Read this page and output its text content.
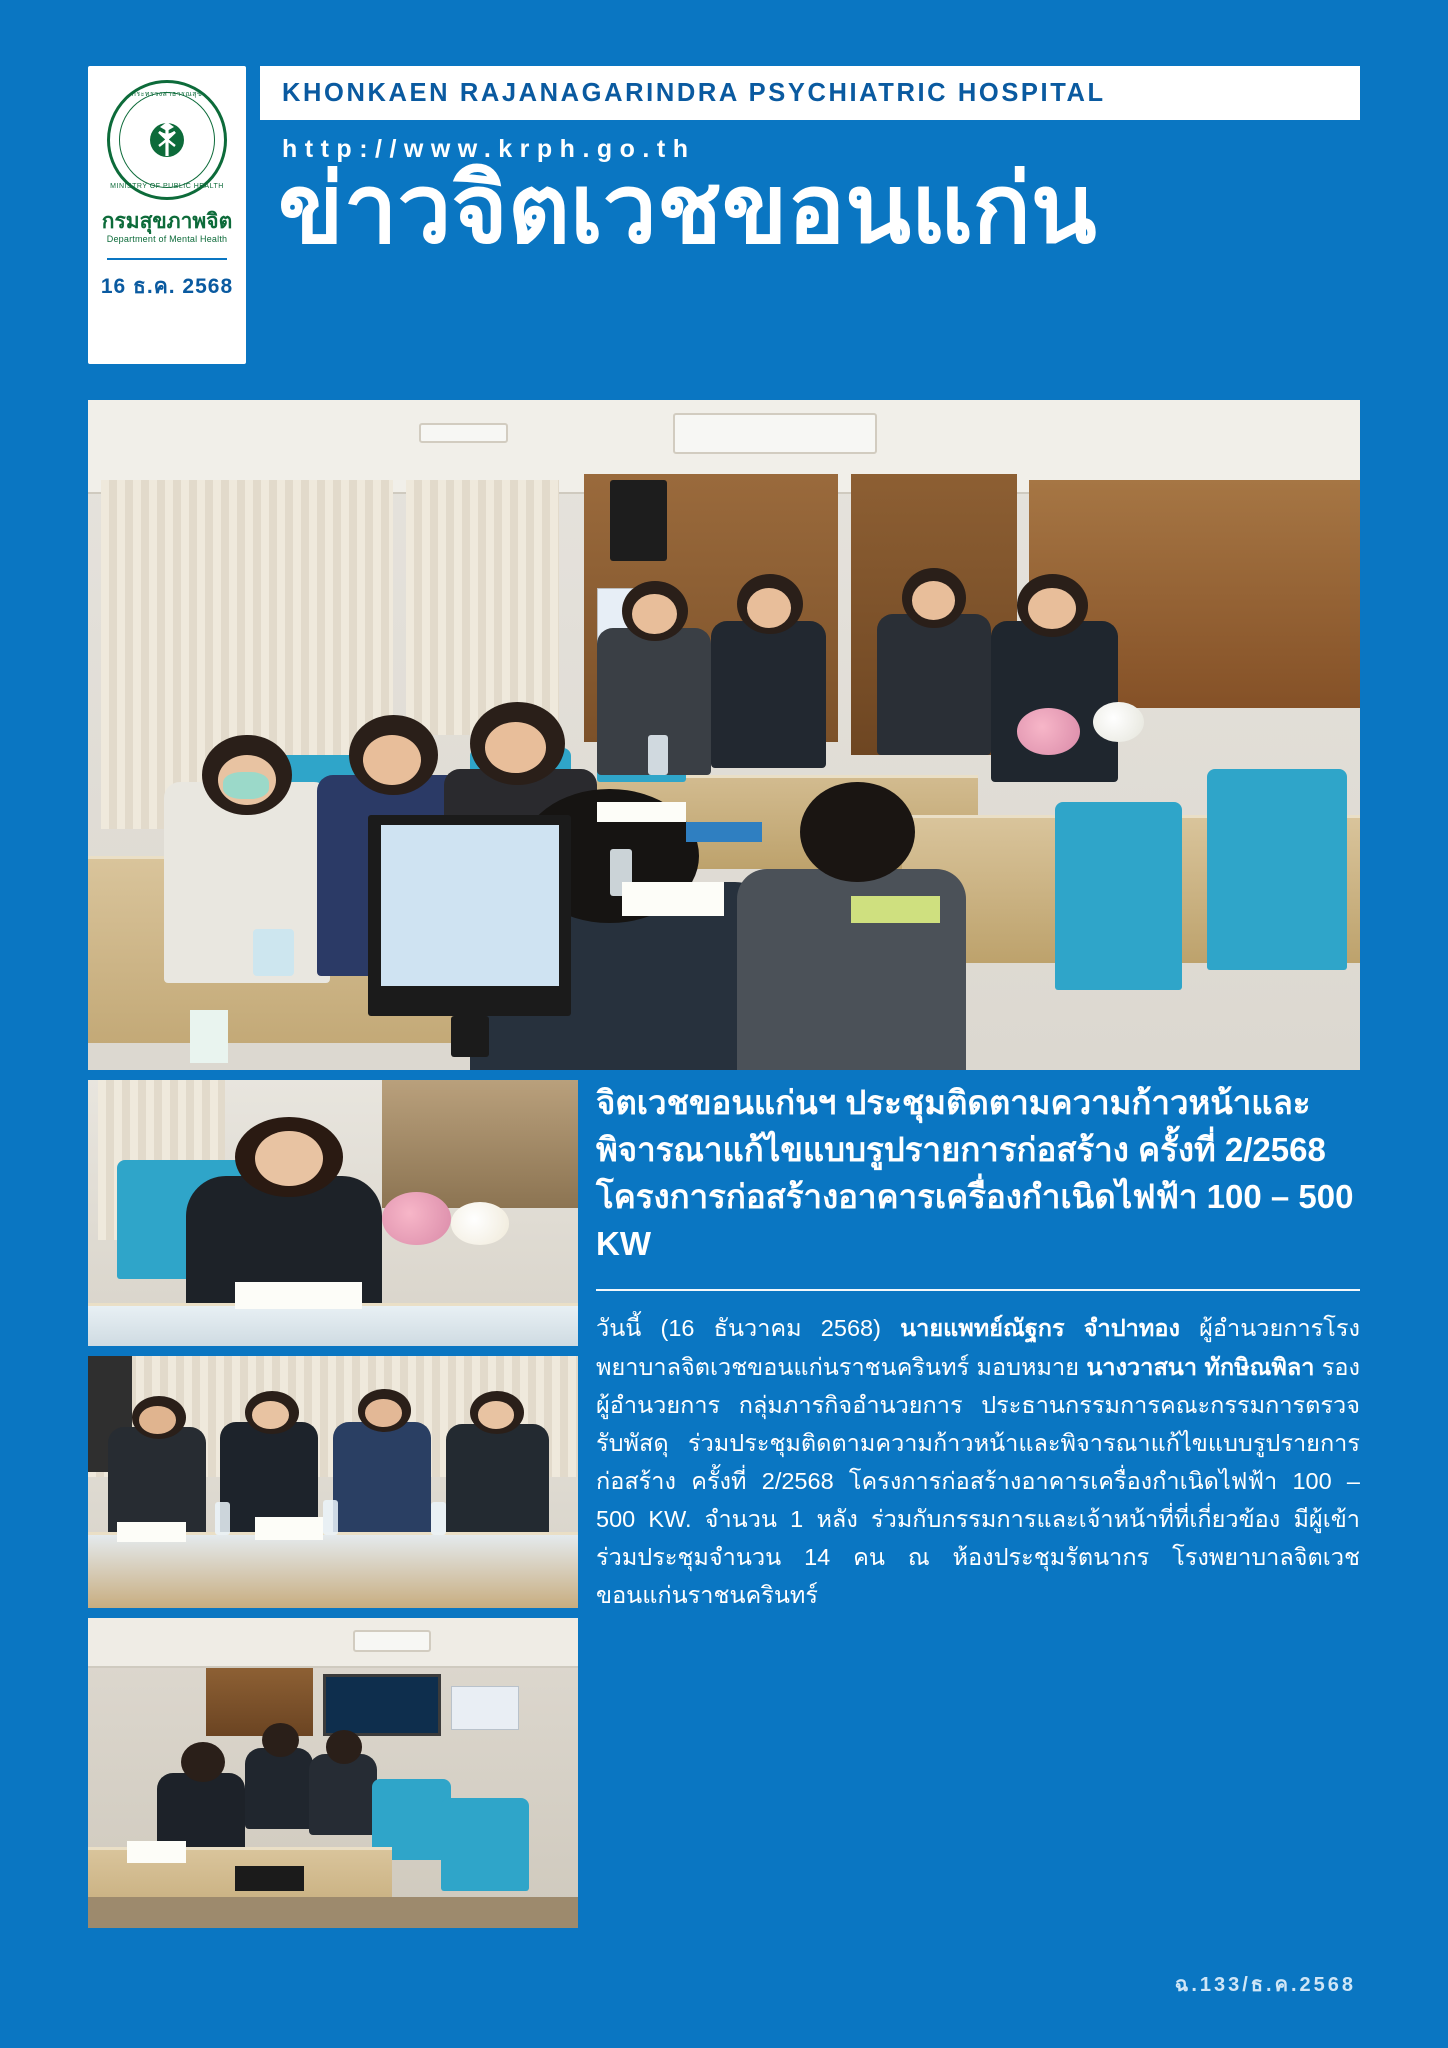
กระทรวงสาธารณสุข
MINISTRY OF PUBLIC HEALTH
กรมสุขภาพจิต
Department of Mental Health
16 ธ.ค. 2568
KHONKAEN RAJANAGARINDRA PSYCHIATRIC HOSPITAL
http://www.krph.go.th
ข่าวจิตเวชขอนแก่น
จิตเวชขอนแก่นฯ ประชุมติดตามความก้าวหน้าและพิจารณาแก้ไขแบบรูปรายการก่อสร้าง ครั้งที่ 2/2568 โครงการก่อสร้างอาคารเครื่องกำเนิดไฟฟ้า 100 – 500 KW
วันนี้ (16 ธันวาคม 2568) นายแพทย์ณัฐกร จำปาทอง ผู้อำนวยการโรงพยาบาลจิตเวชขอนแก่นราชนครินทร์ มอบหมาย นางวาสนา ทักษิณพิลา รองผู้อำนวยการ กลุ่มภารกิจอำนวยการ ประธานกรรมการคณะกรรมการตรวจรับพัสดุ ร่วมประชุมติดตามความก้าวหน้าและพิจารณาแก้ไขแบบรูปรายการก่อสร้าง ครั้งที่ 2/2568 โครงการก่อสร้างอาคารเครื่องกำเนิดไฟฟ้า 100 – 500 KW. จำนวน 1 หลัง ร่วมกับกรรมการและเจ้าหน้าที่ที่เกี่ยวข้อง มีผู้เข้าร่วมประชุมจำนวน 14 คน ณ ห้องประชุมรัตนากร โรงพยาบาลจิตเวชขอนแก่นราชนครินทร์
ฉ.133/ธ.ค.2568
